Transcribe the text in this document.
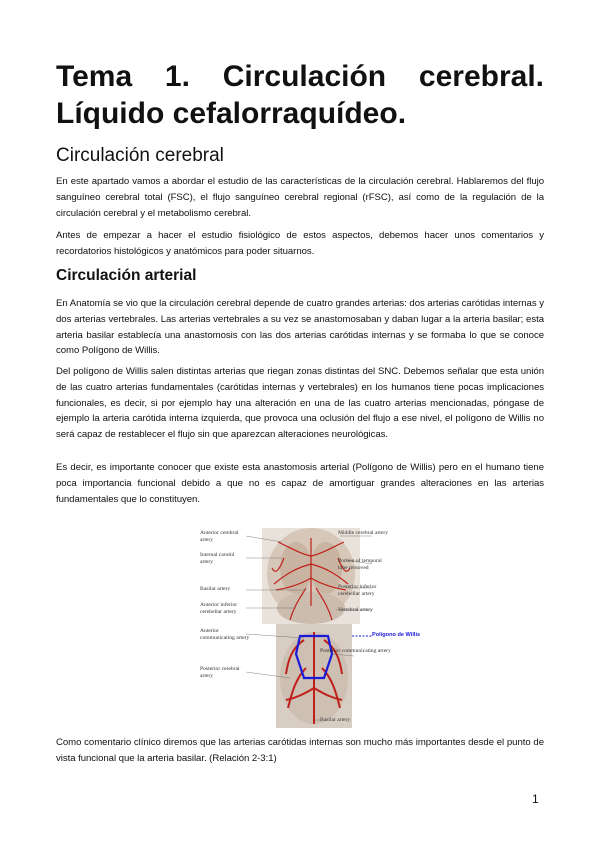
Tema 1. Circulación cerebral. Líquido cefalorraquídeo.
Circulación cerebral

En este apartado vamos a abordar el estudio de las características de la circulación cerebral. Hablaremos del flujo sanguíneo cerebral total (FSC), el flujo sanguíneo cerebral regional (rFSC), así como de la regulación de la circulación cerebral y el metabolismo cerebral.

Antes de empezar a hacer el estudio fisiológico de estos aspectos, debemos hacer unos comentarios y recordatorios histológicos y anatómicos para poder situarnos.

Circulación arterial

En Anatomía se vio que la circulación cerebral depende de cuatro grandes arterias: dos arterias carótidas internas y dos arterias vertebrales. Las arterias vertebrales a su vez se anastomosaban y daban lugar a la arteria basilar; esta arteria basilar establecía una anastomosis con las dos arterias carótidas internas y se formaba lo que se conoce como Polígono de Willis.

Del polígono de Willis salen distintas arterias que riegan zonas distintas del SNC. Debemos señalar que esta unión de las cuatro arterias fundamentales (carótidas internas y vertebrales) en los humanos tiene pocas implicaciones funcionales, es decir, si por ejemplo hay una alteración en una de las cuatro arterias mencionadas, póngase de ejemplo la arteria carótida interna izquierda, que provoca una oclusión del flujo a ese nivel, el polígono de Willis no será capaz de restablecer el flujo sin que aparezcan alteraciones neurológicas.

Es decir, es importante conocer que existe esta anastomosis arterial (Polígono de Willis) pero en el humano tiene poca importancia funcional debido a que no es capaz de amortiguar grandes alteraciones en las arterias fundamentales que lo constituyen.

Anterior cerebral artery
Internal carotid artery
Basilar artery
Anterior inferior cerebellar artery
Anterior communicating artery
Posterior cerebral artery
Middle cerebral artery
Portion of temporal lobe removed
Posterior inferior cerebellar artery
Vertebral artery
Polígono de Willis
Posterior communicating artery
Basilar artery

Como comentario clínico diremos que las arterias carótidas internas son mucho más importantes desde el punto de vista funcional que la arteria basilar. (Relación 2-3:1)

1
